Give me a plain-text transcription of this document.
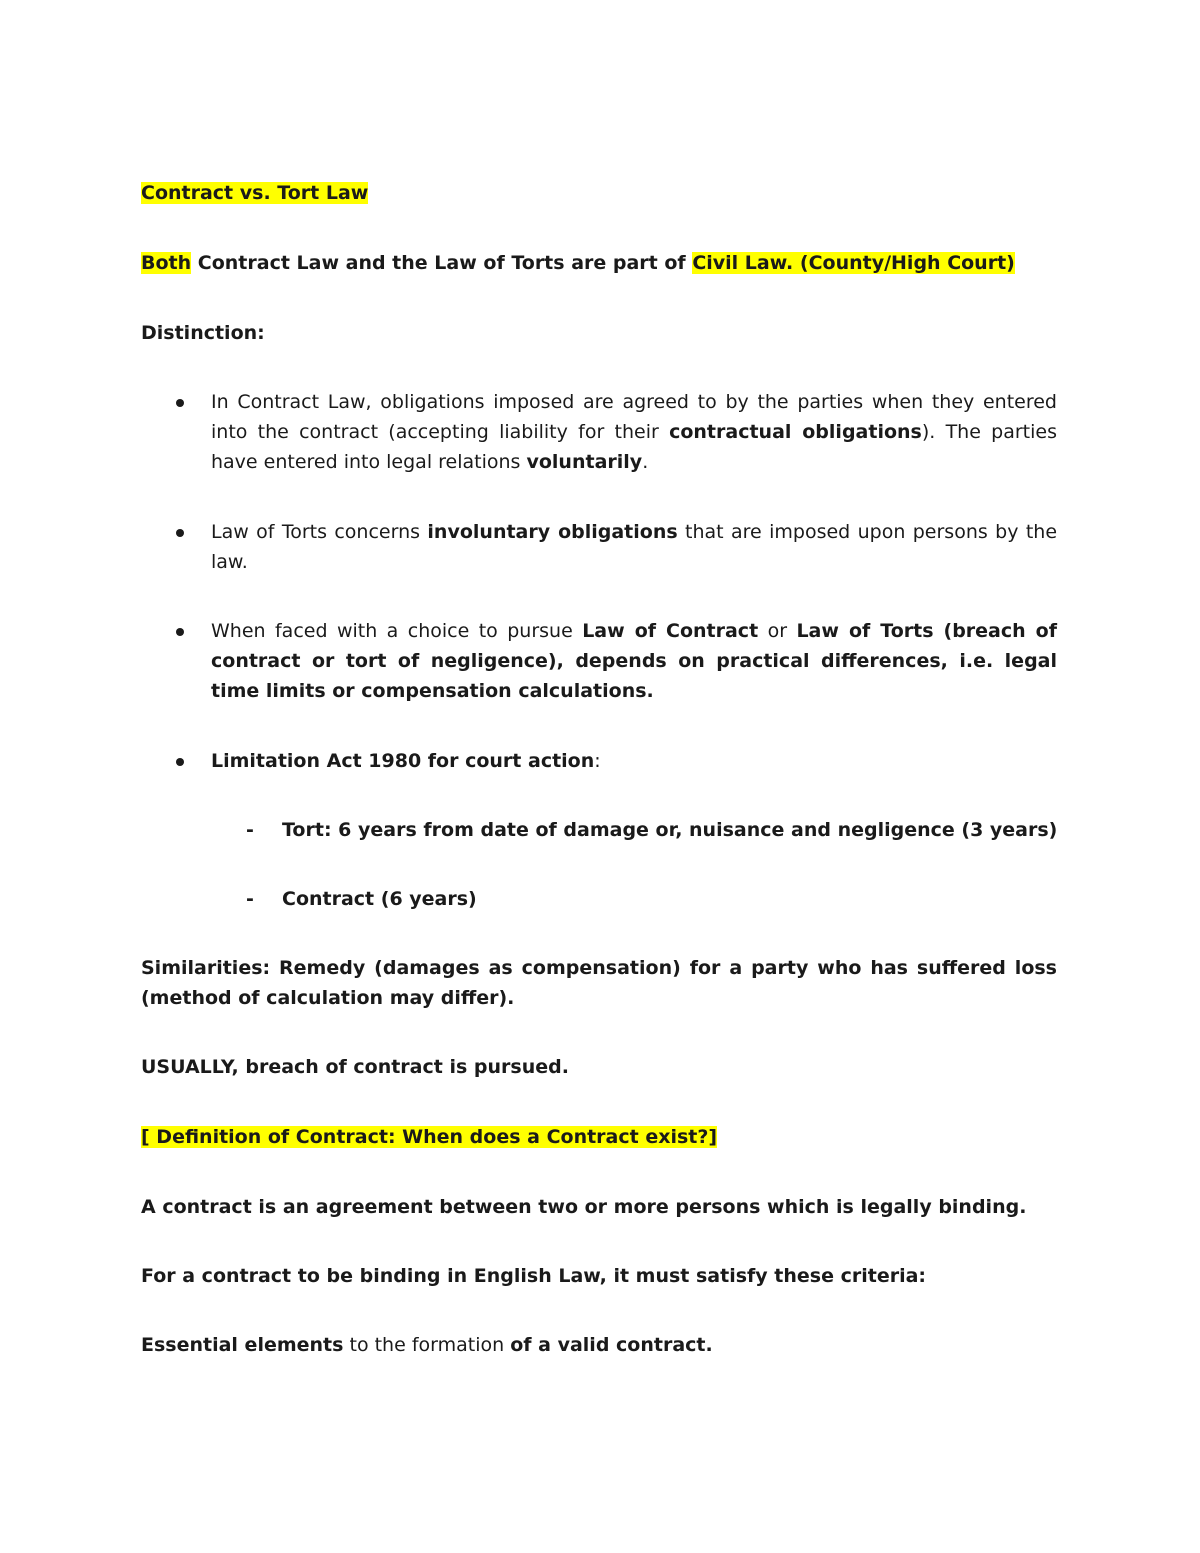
Contract vs. Tort Law
Both Contract Law and the Law of Torts are part of Civil Law. (County/High Court)
Distinction:
In Contract Law, obligations imposed are agreed to by the parties when they entered into the contract (accepting liability for their contractual obligations). The parties have entered into legal relations voluntarily.
Law of Torts concerns involuntary obligations that are imposed upon persons by the law.
When faced with a choice to pursue Law of Contract or Law of Torts (breach of contract or tort of negligence), depends on practical differences, i.e. legal time limits or compensation calculations.
Limitation Act 1980 for court action:
- Tort: 6 years from date of damage or, nuisance and negligence (3 years)
- Contract (6 years)
Similarities: Remedy (damages as compensation) for a party who has suffered loss (method of calculation may differ).
USUALLY, breach of contract is pursued.
[ Definition of Contract: When does a Contract exist?]
A contract is an agreement between two or more persons which is legally binding.
For a contract to be binding in English Law, it must satisfy these criteria:
Essential elements to the formation of a valid contract.
